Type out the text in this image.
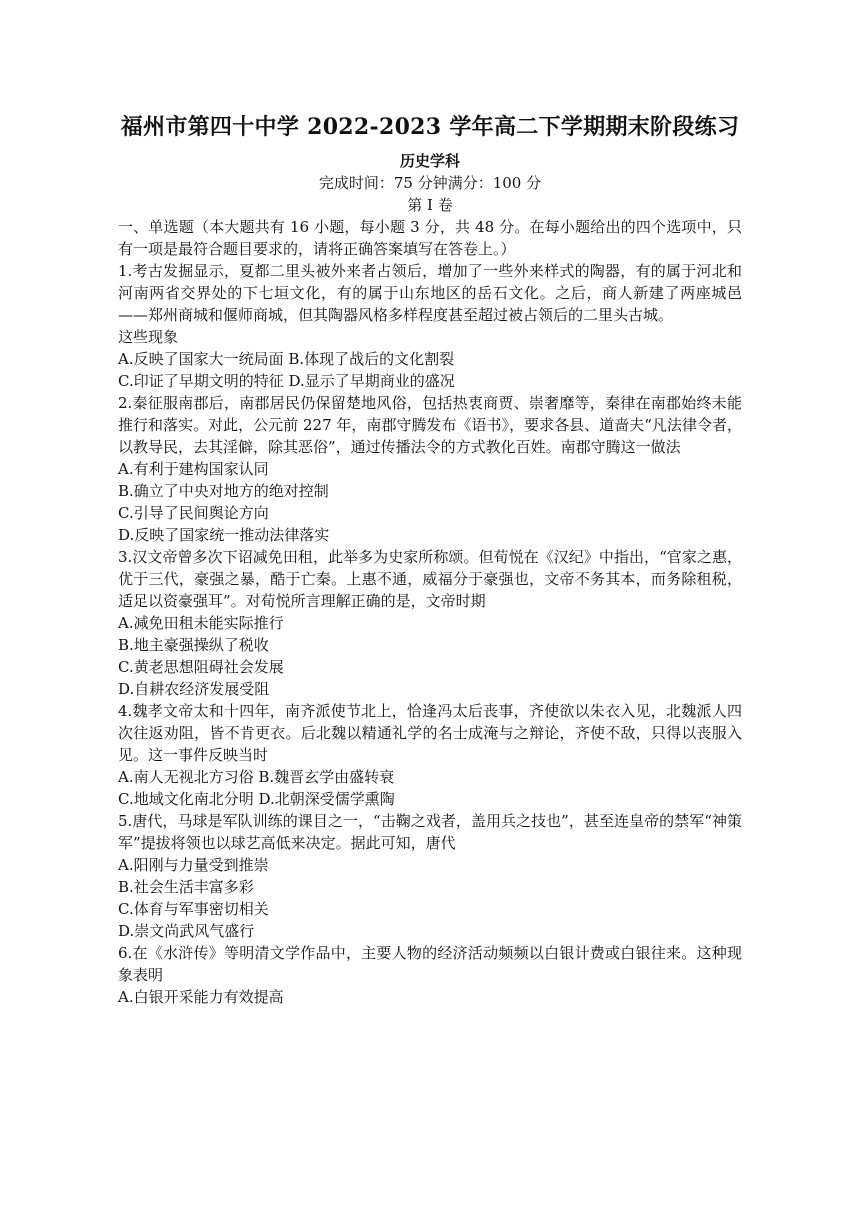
福州市第四十中学 2022-2023 学年高二下学期期末阶段练习

历史学科

完成时间：75 分钟满分：100 分

第 I 卷

一、单选题（本大题共有 16 小题，每小题 3 分，共 48 分。在每小题给出的四个选项中，只有一项是最符合题目要求的，请将正确答案填写在答卷上。）

1.考古发掘显示，夏都二里头被外来者占领后，增加了一些外来样式的陶器，有的属于河北和河南两省交界处的下七垣文化，有的属于山东地区的岳石文化。之后，商人新建了两座城邑——郑州商城和偃师商城，但其陶器风格多样程度甚至超过被占领后的二里头古城。

这些现象

A.反映了国家大一统局面 B.体现了战后的文化割裂

C.印证了早期文明的特征 D.显示了早期商业的盛况

2.秦征服南郡后，南郡居民仍保留楚地风俗，包括热衷商贾、崇奢靡等，秦律在南郡始终未能推行和落实。对此，公元前 227 年，南郡守腾发布《语书》，要求各县、道啬夫“凡法律令者，以教导民，去其淫僻，除其恶俗”，通过传播法令的方式教化百姓。南郡守腾这一做法

A.有利于建构国家认同

B.确立了中央对地方的绝对控制

C.引导了民间舆论方向

D.反映了国家统一推动法律落实

3.汉文帝曾多次下诏减免田租，此举多为史家所称颂。但荀悦在《汉纪》中指出，“官家之惠，优于三代，豪强之暴，酷于亡秦。上惠不通，威福分于豪强也，文帝不务其本，而务除租税，适足以资豪强耳”。对荀悦所言理解正确的是，文帝时期

A.减免田租未能实际推行

B.地主豪强操纵了税收

C.黄老思想阻碍社会发展

D.自耕农经济发展受阻

4.魏孝文帝太和十四年，南齐派使节北上，恰逢冯太后丧事，齐使欲以朱衣入见，北魏派人四次往返劝阻，皆不肯更衣。后北魏以精通礼学的名士成淹与之辩论，齐使不敌，只得以丧服入见。这一事件反映当时

A.南人无视北方习俗 B.魏晋玄学由盛转衰

C.地域文化南北分明 D.北朝深受儒学熏陶

5.唐代，马球是军队训练的课目之一，“击鞠之戏者，盖用兵之技也”，甚至连皇帝的禁军“神策军”提拔将领也以球艺高低来决定。据此可知，唐代

A.阳刚与力量受到推崇

B.社会生活丰富多彩

C.体育与军事密切相关

D.崇文尚武风气盛行

6.在《水浒传》等明清文学作品中，主要人物的经济活动频频以白银计费或白银往来。这种现象表明

A.白银开采能力有效提高
